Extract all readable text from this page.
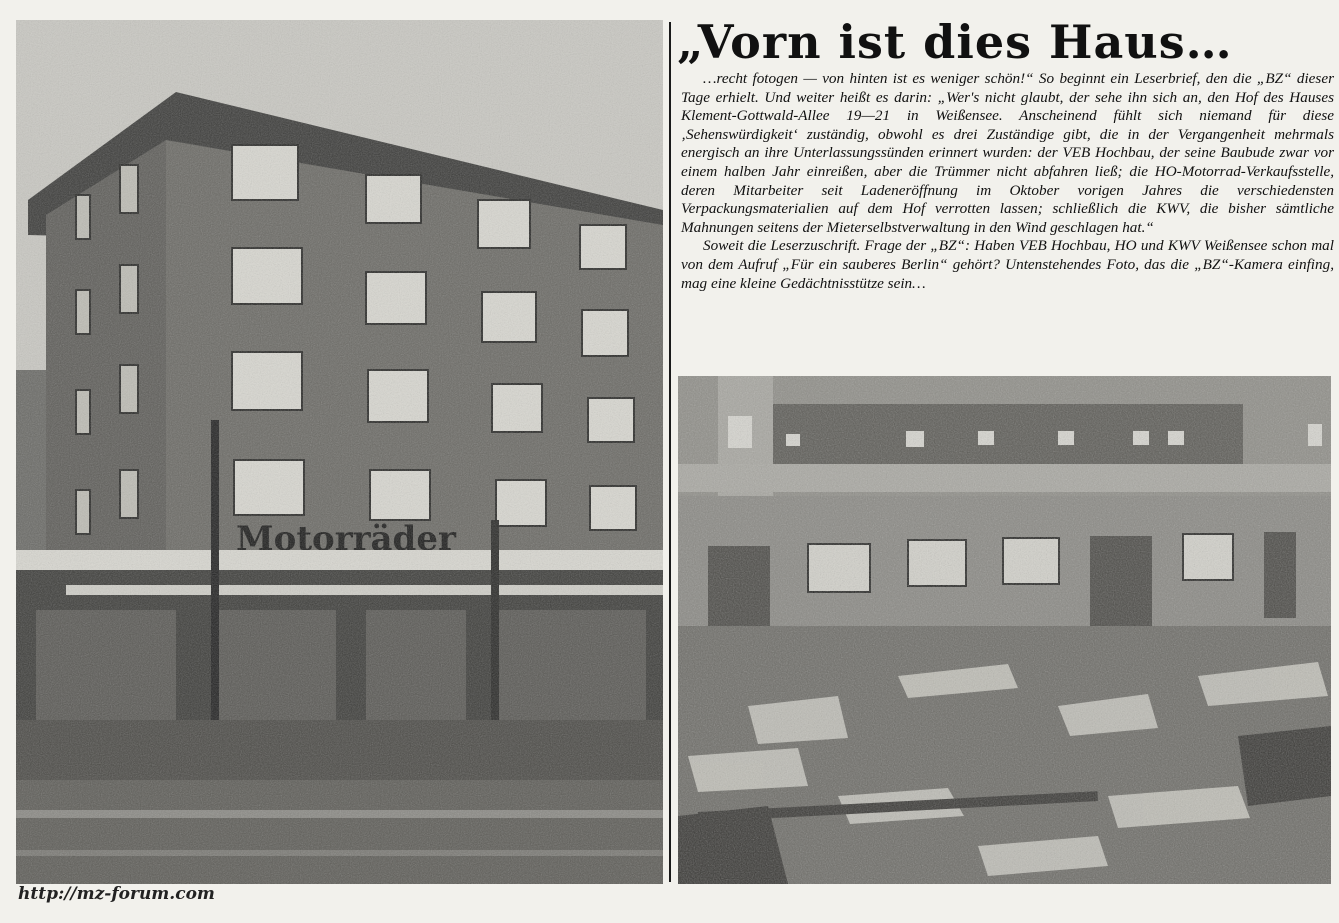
„Vorn ist dies Haus…

…recht fotogen — von hinten ist es weniger schön!“ So beginnt ein Leserbrief, den die „BZ“ dieser Tage erhielt. Und weiter heißt es darin: „Wer's nicht glaubt, der sehe ihn sich an, den Hof des Hauses Klement-Gottwald-Allee 19—21 in Weißensee. Anscheinend fühlt sich niemand für diese ‚Sehenswürdigkeit‘ zuständig, obwohl es drei Zuständige gibt, die in der Vergangenheit mehrmals energisch an ihre Unterlassungssünden erinnert wurden: der VEB Hochbau, der seine Baubude zwar vor einem halben Jahr einreißen, aber die Trümmer nicht abfahren ließ; die HO-Motorrad-Verkaufsstelle, deren Mitarbeiter seit Ladeneröffnung im Oktober vorigen Jahres die verschiedensten Verpackungsmaterialien auf dem Hof verrotten lassen; schließlich die KWV, die bisher sämtliche Mahnungen seitens der Mieterselbstverwaltung in den Wind geschlagen hat.“

Soweit die Leserzuschrift. Frage der „BZ“: Haben VEB Hochbau, HO und KWV Weißensee schon mal von dem Aufruf „Für ein sauberes Berlin“ gehört? Untenstehendes Foto, das die „BZ“-Kamera einfing, mag eine kleine Gedächtnisstütze sein…

http://mz-forum.com
